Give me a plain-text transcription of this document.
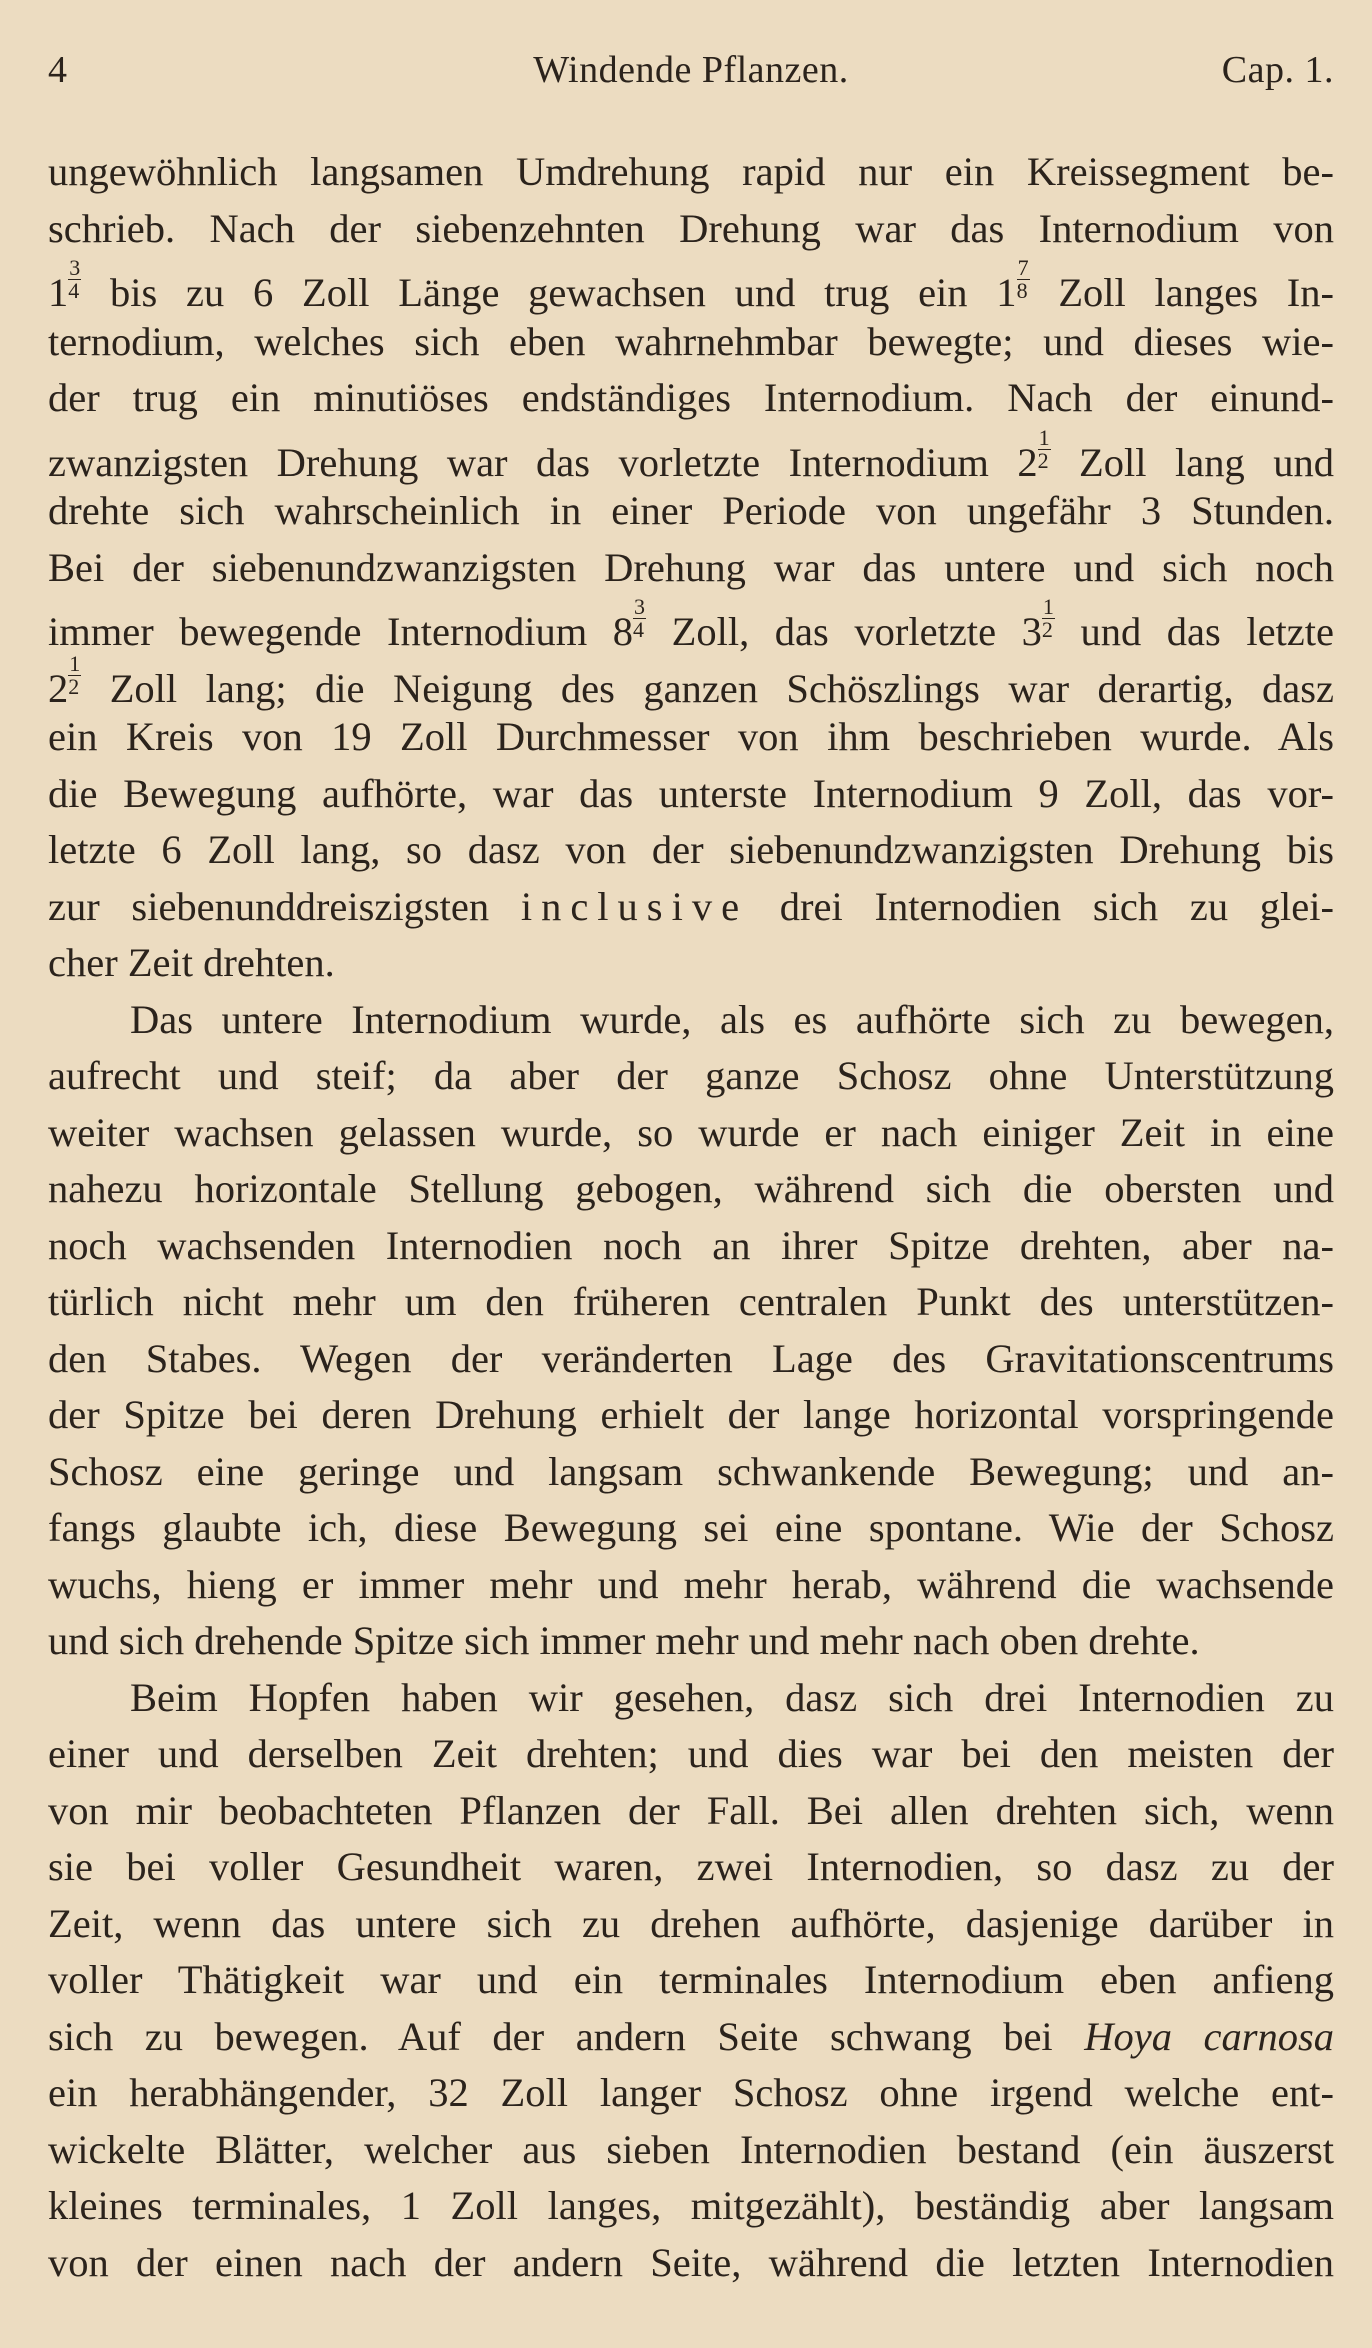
4	Windende Pflanzen.	Cap. 1.
ungewöhnlich langsamen Umdrehung rapid nur ein Kreissegment be-
schrieb. Nach der siebenzehnten Drehung war das Internodium von
$1 \frac{3}{4}$ bis zu 6 Zoll Länge gewachsen und trug ein $1 \frac{7}{8}$ Zoll langes In-
ternodium, welches sich eben wahrnehmbar bewegte; und dieses wie-
der trug ein minutiöses endständiges Internodium. Nach der einund-
zwanzigsten Drehung war das vorletzte Internodium $2 \frac{1}{2}$ Zoll lang und
drehte sich wahrscheinlich in einer Periode von ungefähr 3 Stunden.
Bei der siebenundzwanzigsten Drehung war das untere und sich noch
immer bewegende Internodium $8 \frac{3}{4}$ Zoll, das vorletzte $3 \frac{1}{2}$ und das letzte
$2 \frac{1}{2}$ Zoll lang; die Neigung des ganzen Schöszlings war derartig, dasz
ein Kreis von 19 Zoll Durchmesser von ihm beschrieben wurde. Als
die Bewegung aufhörte, war das unterste Internodium 9 Zoll, das vor-
letzte 6 Zoll lang, so dasz von der siebenundzwanzigsten Drehung bis
zur siebenunddreiszigsten inclusive drei Internodien sich zu glei-
cher Zeit drehten.
Das untere Internodium wurde, als es aufhörte sich zu bewegen,
aufrecht und steif; da aber der ganze Schosz ohne Unterstützung
weiter wachsen gelassen wurde, so wurde er nach einiger Zeit in eine
nahezu horizontale Stellung gebogen, während sich die obersten und
noch wachsenden Internodien noch an ihrer Spitze drehten, aber na-
türlich nicht mehr um den früheren centralen Punkt des unterstützen-
den Stabes. Wegen der veränderten Lage des Gravitationscentrums
der Spitze bei deren Drehung erhielt der lange horizontal vorspringende
Schosz eine geringe und langsam schwankende Bewegung; und an-
fangs glaubte ich, diese Bewegung sei eine spontane. Wie der Schosz
wuchs, hieng er immer mehr und mehr herab, während die wachsende
und sich drehende Spitze sich immer mehr und mehr nach oben drehte.
Beim Hopfen haben wir gesehen, dasz sich drei Internodien zu
einer und derselben Zeit drehten; und dies war bei den meisten der
von mir beobachteten Pflanzen der Fall. Bei allen drehten sich, wenn
sie bei voller Gesundheit waren, zwei Internodien, so dasz zu der
Zeit, wenn das untere sich zu drehen aufhörte, dasjenige darüber in
voller Thätigkeit war und ein terminales Internodium eben anfieng
sich zu bewegen. Auf der andern Seite schwang bei Hoya carnosa
ein herabhängender, 32 Zoll langer Schosz ohne irgend welche ent-
wickelte Blätter, welcher aus sieben Internodien bestand (ein äuszerst
kleines terminales, 1 Zoll langes, mitgezählt), beständig aber langsam
von der einen nach der andern Seite, während die letzten Internodien
